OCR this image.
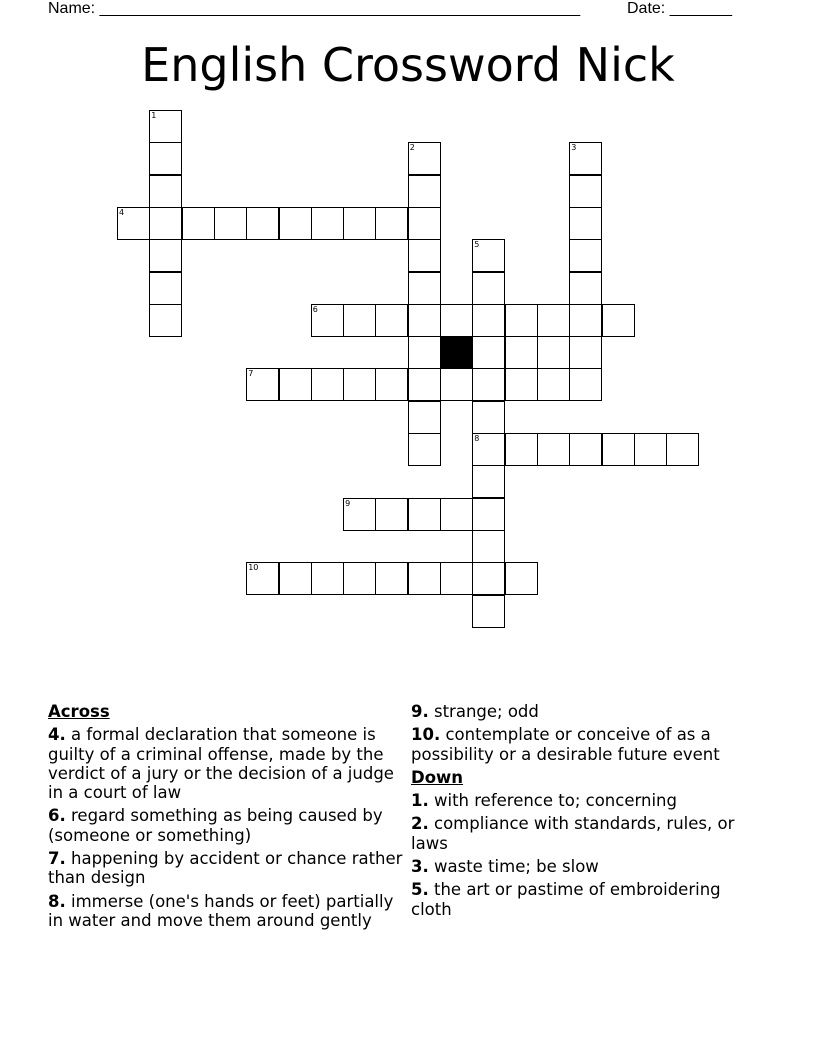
Name: ______________________________________________________	Date: _______
English Crossword Nick
1
2	3
4
5
8
6
7
9
10
Across
4. a formal declaration that someone is guilty of a criminal offense, made by the verdict of a jury or the decision of a judge in a court of law
6. regard something as being caused by (someone or something)
7. happening by accident or chance rather than design
8. immerse (one's hands or feet) partially in water and move them around gently
9. strange; odd
10. contemplate or conceive of as a possibility or a desirable future event
Down
1. with reference to; concerning
2. compliance with standards, rules, or laws
3. waste time; be slow
5. the art or pastime of embroidering cloth
